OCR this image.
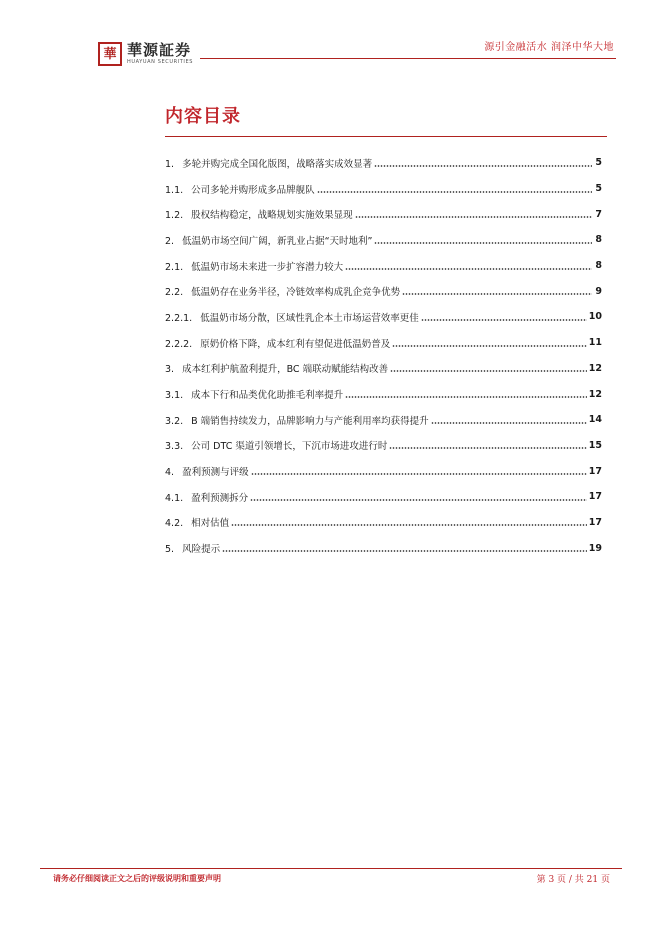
華 華源証券
HUAYUAN SECURITIES
源引金融活水 润泽中华大地
内容目录
1. 多轮并购完成全国化版图，战略落实成效显著	5
1.1. 公司多轮并购形成多品牌舰队	5
1.2. 股权结构稳定，战略规划实施效果显现	7
2. 低温奶市场空间广阔，新乳业占据“天时地利”	8
2.1. 低温奶市场未来进一步扩容潜力较大	8
2.2. 低温奶存在业务半径，冷链效率构成乳企竞争优势	9
2.2.1. 低温奶市场分散，区域性乳企本土市场运营效率更佳	10
2.2.2. 原奶价格下降，成本红利有望促进低温奶普及	11
3. 成本红利护航盈利提升，BC 端联动赋能结构改善	12
3.1. 成本下行和品类优化助推毛利率提升	12
3.2. B 端销售持续发力，品牌影响力与产能利用率均获得提升	14
3.3. 公司 DTC 渠道引领增长，下沉市场进攻进行时	15
4. 盈利预测与评级	17
4.1. 盈利预测拆分	17
4.2. 相对估值	17
5. 风险提示	19
请务必仔细阅读正文之后的评级说明和重要声明	第 3 页 / 共 21 页
